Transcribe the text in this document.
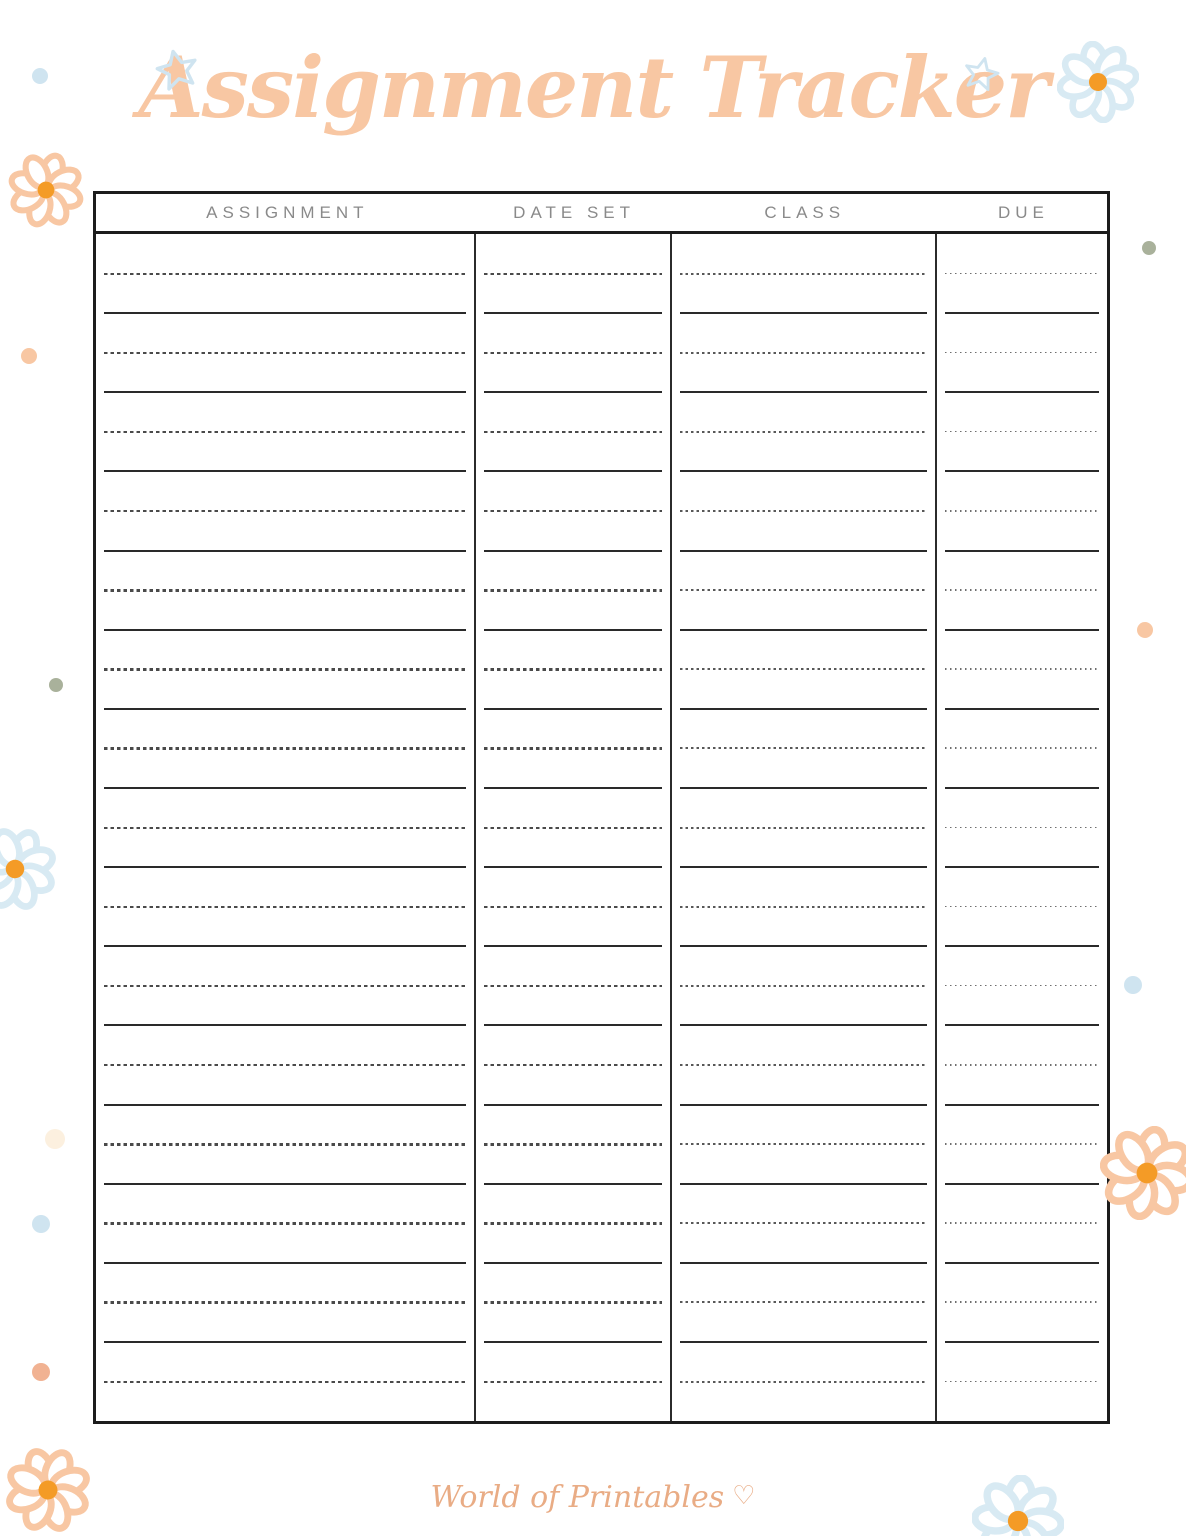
Assignment Tracker
ASSIGNMENT	DATE SET	CLASS	DUE
World of Printables ♡
